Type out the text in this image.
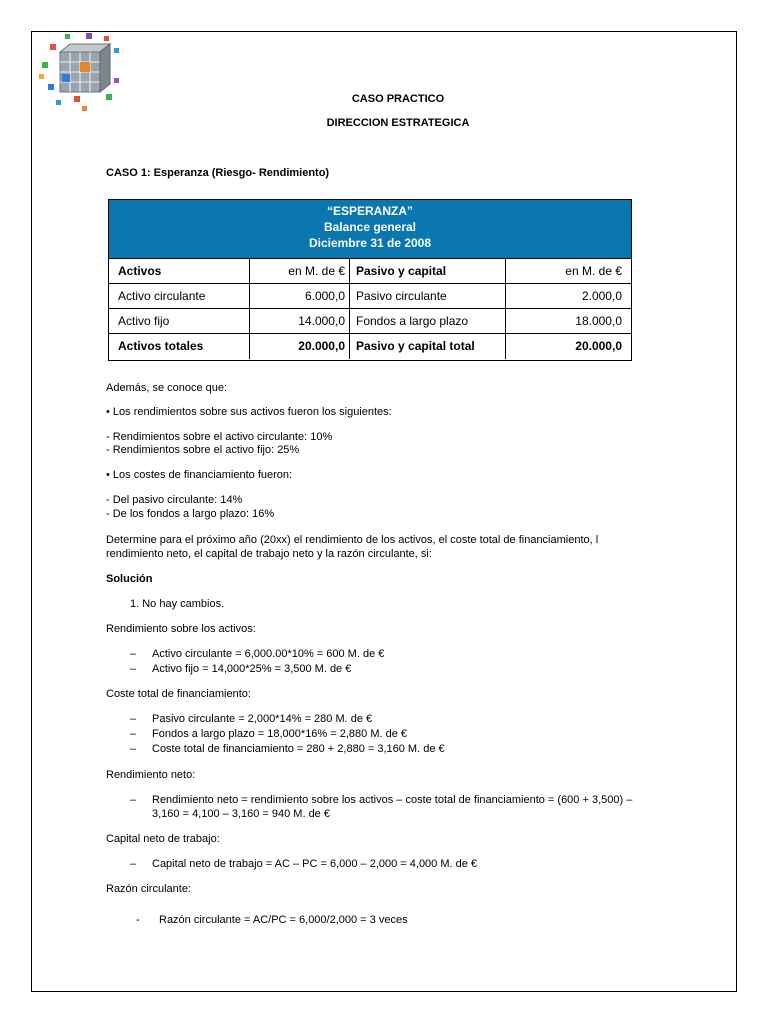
CASO PRACTICO
DIRECCION ESTRATEGICA
CASO 1: Esperanza (Riesgo- Rendimiento)
“ESPERANZA”
Balance general
Diciembre 31 de 2008
Activos	en M. de € Pasivo y capital	en M. de €
Activo circulante	6.000,0 Pasivo circulante	2.000,0
Activo fijo	14.000,0 Fondos a largo plazo	18.000,0
Activos totales	20.000,0 Pasivo y capital total	20.000,0
Además, se conoce que:
• Los rendimientos sobre sus activos fueron los siguientes:
- Rendimientos sobre el activo circulante: 10%
- Rendimientos sobre el activo fijo: 25%
• Los costes de financiamiento fueron:
- Del pasivo circulante: 14%
- De los fondos a largo plazo: 16%
Determine para el próximo año (20xx) el rendimiento de los activos, el coste total de financiamiento, l
rendimiento neto, el capital de trabajo neto y la razón circulante, si:
Solución
1. No hay cambios.
Rendimiento sobre los activos:
– Activo circulante = 6,000.00*10% = 600 M. de €
– Activo fijo = 14,000*25% = 3,500 M. de €
Coste total de financiamiento:
– Pasivo circulante = 2,000*14% = 280 M. de €
– Fondos a largo plazo = 18,000*16% = 2,880 M. de €
– Coste total de financiamiento = 280 + 2,880 = 3,160 M. de €
Rendimiento neto:
– Rendimiento neto = rendimiento sobre los activos – coste total de financiamiento = (600 + 3,500) –
3,160 = 4,100 – 3,160 = 940 M. de €
Capital neto de trabajo:
– Capital neto de trabajo = AC – PC = 6,000 – 2,000 = 4,000 M. de €
Razón circulante:
- Razón circulante = AC/PC = 6,000/2,000 = 3 veces
